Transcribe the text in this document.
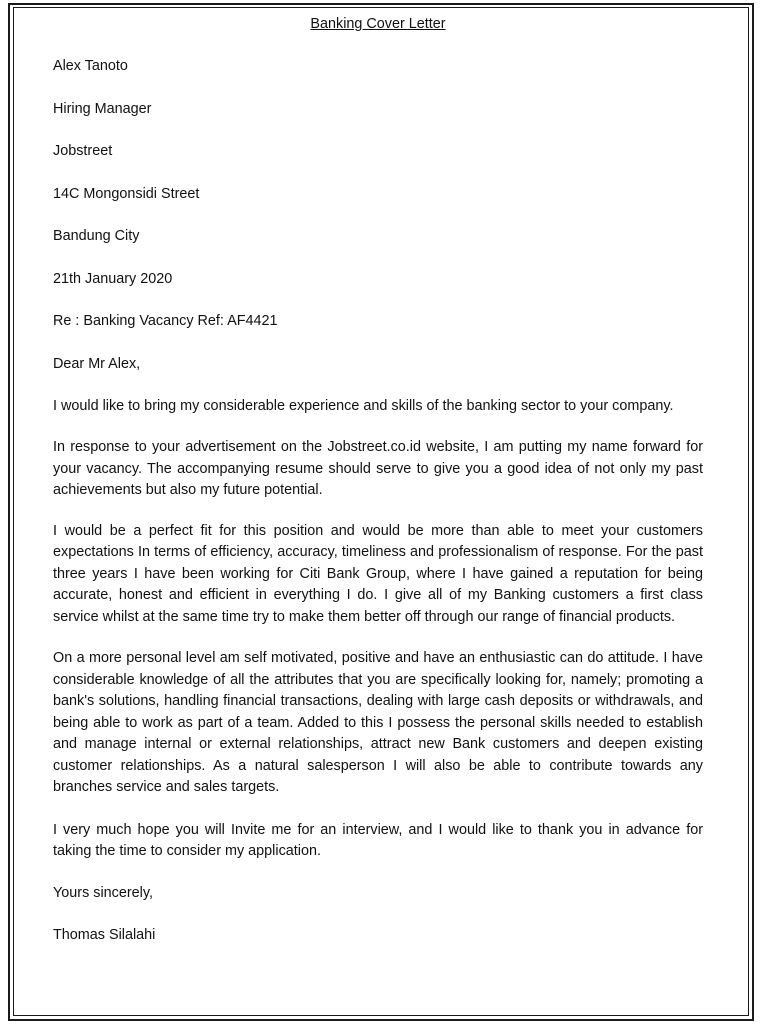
Banking Cover Letter

Alex Tanoto

Hiring Manager

Jobstreet

14C Mongonsidi Street

Bandung City

21th January 2020

Re : Banking Vacancy Ref: AF4421

Dear Mr Alex,

I would like to bring my considerable experience and skills of the banking sector to your company.

In response to your advertisement on the Jobstreet.co.id website, I am putting my name forward for your vacancy. The accompanying resume should serve to give you a good idea of not only my past achievements but also my future potential.

I would be a perfect fit for this position and would be more than able to meet your customers expectations In terms of efficiency, accuracy, timeliness and professionalism of response. For the past three years I have been working for Citi Bank Group, where I have gained a reputation for being accurate, honest and efficient in everything I do. I give all of my Banking customers a first class service whilst at the same time try to make them better off through our range of financial products.

On a more personal level am self motivated, positive and have an enthusiastic can do attitude. I have considerable knowledge of all the attributes that you are specifically looking for, namely; promoting a bank's solutions, handling financial transactions, dealing with large cash deposits or withdrawals, and being able to work as part of a team. Added to this I possess the personal skills needed to establish and manage internal or external relationships, attract new Bank customers and deepen existing customer relationships. As a natural salesperson I will also be able to contribute towards any branches service and sales targets.

I very much hope you will Invite me for an interview, and I would like to thank you in advance for taking the time to consider my application.

Yours sincerely,

Thomas Silalahi
